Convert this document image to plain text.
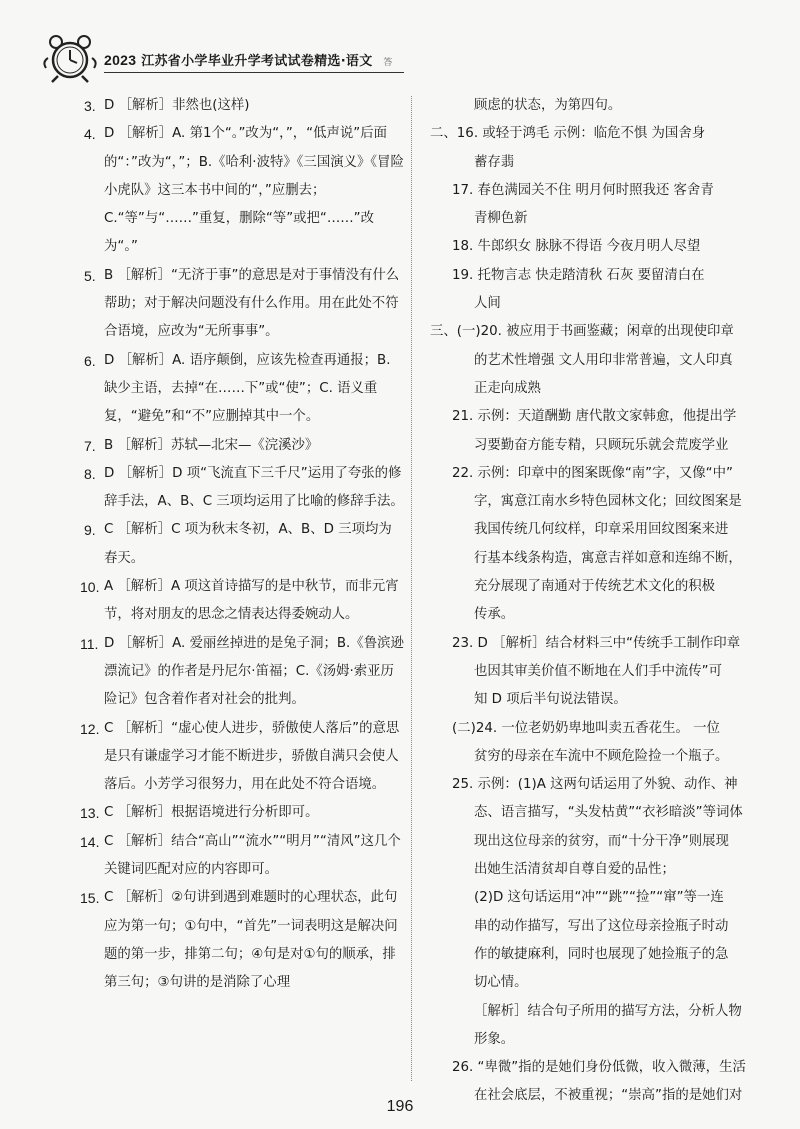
2023 江苏省小学毕业升学考试试卷精选·语文 答
3. D ［解析］非然也(这样)
4. D ［解析］A. 第1个“。”改为“，”，“低声说”后面的“：”改为“，”；B.《哈利·波特》《三国演义》《冒险小虎队》这三本书中间的“，”应删去；C.“等”与“……”重复，删除“等”或把“……”改为“。”
5. B ［解析］“无济于事”的意思是对于事情没有什么帮助；对于解决问题没有什么作用。用在此处不符合语境，应改为“无所事事”。
6. D ［解析］A. 语序颠倒，应该先检查再通报；B. 缺少主语，去掉“在……下”或“使”；C. 语义重复，“避免”和“不”应删掉其中一个。
7. B ［解析］苏轼—北宋—《浣溪沙》
8. D ［解析］D 项“飞流直下三千尺”运用了夸张的修辞手法，A、B、C 三项均运用了比喻的修辞手法。
9. C ［解析］C 项为秋末冬初，A、B、D 三项均为春天。
10. A ［解析］A 项这首诗描写的是中秋节，而非元宵节，将对朋友的思念之情表达得委婉动人。
11. D ［解析］A. 爱丽丝掉进的是兔子洞；B.《鲁滨逊漂流记》的作者是丹尼尔·笛福；C.《汤姆·索亚历险记》包含着作者对社会的批判。
12. C ［解析］“虚心使人进步，骄傲使人落后”的意思是只有谦虚学习才能不断进步，骄傲自满只会使人落后。小芳学习很努力，用在此处不符合语境。
13. C ［解析］根据语境进行分析即可。
14. C ［解析］结合“高山”“流水”“明月”“清风”这几个关键词匹配对应的内容即可。
15. C ［解析］②句讲到遇到难题时的心理状态，此句应为第一句；①句中，“首先”一词表明这是解决问题的第一步，排第二句；④句是对①句的顺承，排第三句；③句讲的是消除了心理
顾虑的状态，为第四句。
二、16. 或轻于鸿毛 示例：临危不惧 为国舍身
蓄存翡
17. 春色满园关不住 明月何时照我还 客舍青
青柳色新
18. 牛郎织女 脉脉不得语 今夜月明人尽望
19. 托物言志 快走踏清秋 石灰 要留清白在
人间
三、(一)20. 被应用于书画鉴藏；闲章的出现使印章
的艺术性增强 文人用印非常普遍，文人印真
正走向成熟
21. 示例：天道酬勤 唐代散文家韩愈，他提出学
习要勤奋方能专精，只顾玩乐就会荒废学业
22. 示例：印章中的图案既像“南”字，又像“中”
字，寓意江南水乡特色园林文化；回纹图案是
我国传统几何纹样，印章采用回纹图案来进
行基本线条构造，寓意吉祥如意和连绵不断，
充分展现了南通对于传统艺术文化的积极
传承。
23. D ［解析］结合材料三中“传统手工制作印章
也因其审美价值不断地在人们手中流传”可
知 D 项后半句说法错误。
(二)24. 一位老奶奶卑地叫卖五香花生。 一位
贫穷的母亲在车流中不顾危险捡一个瓶子。
25. 示例：(1)A 这两句话运用了外貌、动作、神
态、语言描写，“头发枯黄”“衣衫暗淡”等词体
现出这位母亲的贫穷，而“十分干净”则展现
出她生活清贫却自尊自爱的品性；
(2)D 这句话运用“冲”“跳”“捡”“窜”等一连
串的动作描写，写出了这位母亲捡瓶子时动
作的敏捷麻利，同时也展现了她捡瓶子的急
切心情。
［解析］结合句子所用的描写方法，分析人物
形象。
26. “卑微”指的是她们身份低微，收入微薄，生活
在社会底层，不被重视；“崇高”指的是她们对
196
